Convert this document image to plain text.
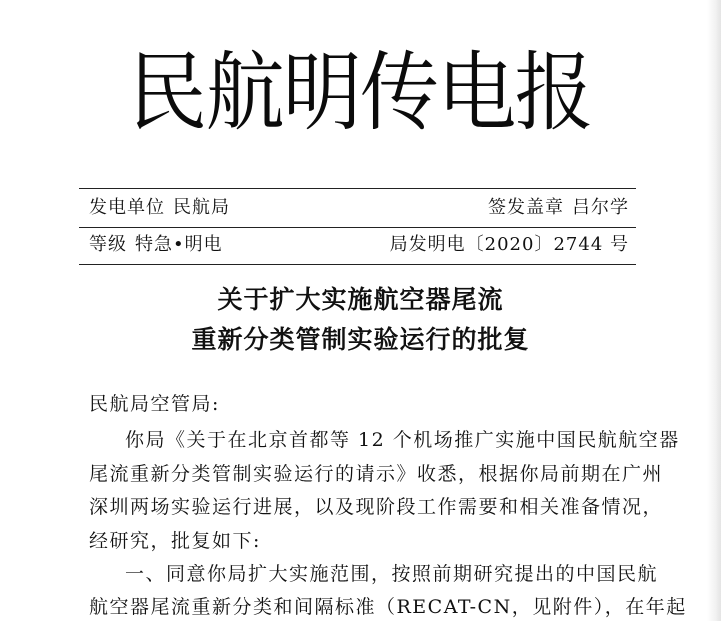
民航明传电报
发电单位 民航局	签发盖章 吕尔学
等级 特急•明电	局发明电〔2020〕2744 号
关于扩大实施航空器尾流
重新分类管制实验运行的批复
民航局空管局:
你局《关于在北京首都等 12 个机场推广实施中国民航航空器
尾流重新分类管制实验运行的请示》收悉，根据你局前期在广州
深圳两场实验运行进展，以及现阶段工作需要和相关准备情况，
经研究，批复如下:
一、同意你局扩大实施范围，按照前期研究提出的中国民航
航空器尾流重新分类和间隔标准（RECAT-CN，见附件），在年起
